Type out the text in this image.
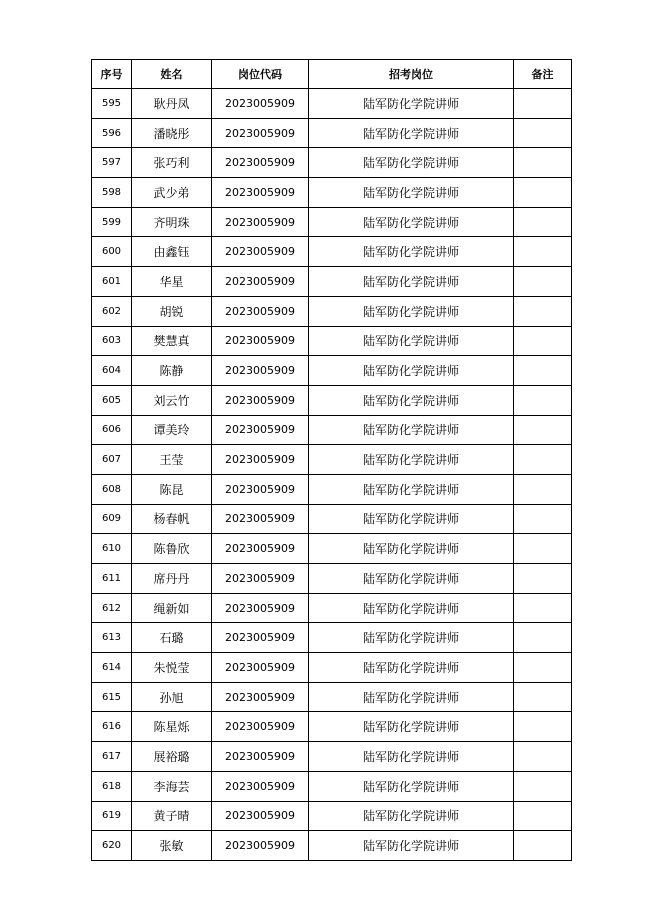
序号	姓名	岗位代码	招考岗位	备注
595	耿丹凤	2023005909	陆军防化学院讲师	
596	潘晓彤	2023005909	陆军防化学院讲师	
597	张巧利	2023005909	陆军防化学院讲师	
598	武少弟	2023005909	陆军防化学院讲师	
599	齐明珠	2023005909	陆军防化学院讲师	
600	由鑫钰	2023005909	陆军防化学院讲师	
601	华星	2023005909	陆军防化学院讲师	
602	胡锐	2023005909	陆军防化学院讲师	
603	樊慧真	2023005909	陆军防化学院讲师	
604	陈静	2023005909	陆军防化学院讲师	
605	刘云竹	2023005909	陆军防化学院讲师	
606	谭美玲	2023005909	陆军防化学院讲师	
607	王莹	2023005909	陆军防化学院讲师	
608	陈昆	2023005909	陆军防化学院讲师	
609	杨春帆	2023005909	陆军防化学院讲师	
610	陈鲁欣	2023005909	陆军防化学院讲师	
611	席丹丹	2023005909	陆军防化学院讲师	
612	绳新如	2023005909	陆军防化学院讲师	
613	石璐	2023005909	陆军防化学院讲师	
614	朱悦莹	2023005909	陆军防化学院讲师	
615	孙旭	2023005909	陆军防化学院讲师	
616	陈星烁	2023005909	陆军防化学院讲师	
617	展裕璐	2023005909	陆军防化学院讲师	
618	李海芸	2023005909	陆军防化学院讲师	
619	黄子晴	2023005909	陆军防化学院讲师	
620	张敏	2023005909	陆军防化学院讲师	
